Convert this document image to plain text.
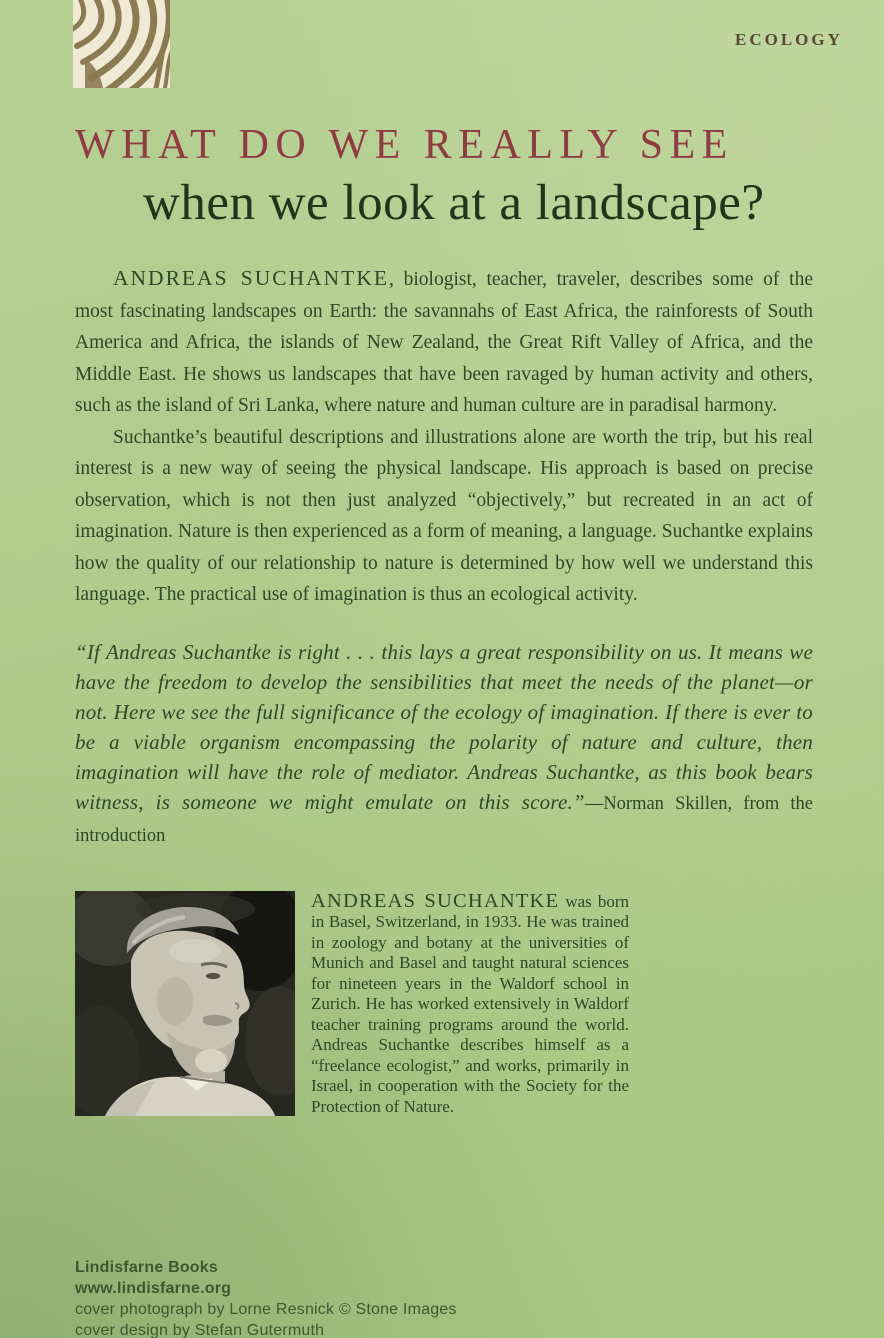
ECOLOGY
WHAT DO WE REALLY SEE
when we look at a landscape?

ANDREAS SUCHANTKE, biologist, teacher, traveler, describes some of the most fascinating landscapes on Earth: the savannahs of East Africa, the rainforests of South America and Africa, the islands of New Zealand, the Great Rift Valley of Africa, and the Middle East. He shows us landscapes that have been ravaged by human activity and others, such as the island of Sri Lanka, where nature and human culture are in paradisal harmony.

Suchantke’s beautiful descriptions and illustrations alone are worth the trip, but his real interest is a new way of seeing the physical landscape. His approach is based on precise observation, which is not then just analyzed “objectively,” but recreated in an act of imagination. Nature is then experienced as a form of meaning, a language. Suchantke explains how the quality of our relationship to nature is determined by how well we understand this language. The practical use of imagination is thus an ecological activity.

“If Andreas Suchantke is right . . . this lays a great responsibility on us. It means we have the freedom to develop the sensibilities that meet the needs of the planet—or not. Here we see the full significance of the ecology of imagination. If there is ever to be a viable organism encompassing the polarity of nature and culture, then imagination will have the role of mediator. Andreas Suchantke, as this book bears witness, is someone we might emulate on this score.”—Norman Skillen, from the introduction
ANDREAS SUCHANTKE was born in Basel, Switzerland, in 1933. He was trained in zoology and botany at the universities of Munich and Basel and taught natural sciences for nineteen years in the Waldorf school in Zurich. He has worked extensively in Waldorf teacher training programs around the world. Andreas Suchantke describes himself as a “freelance ecologist,” and works, primarily in Israel, in cooperation with the Society for the Protection of Nature.
Lindisfarne Books
www.lindisfarne.org
cover photograph by Lorne Resnick © Stone Images
cover design by Stefan Gutermuth
